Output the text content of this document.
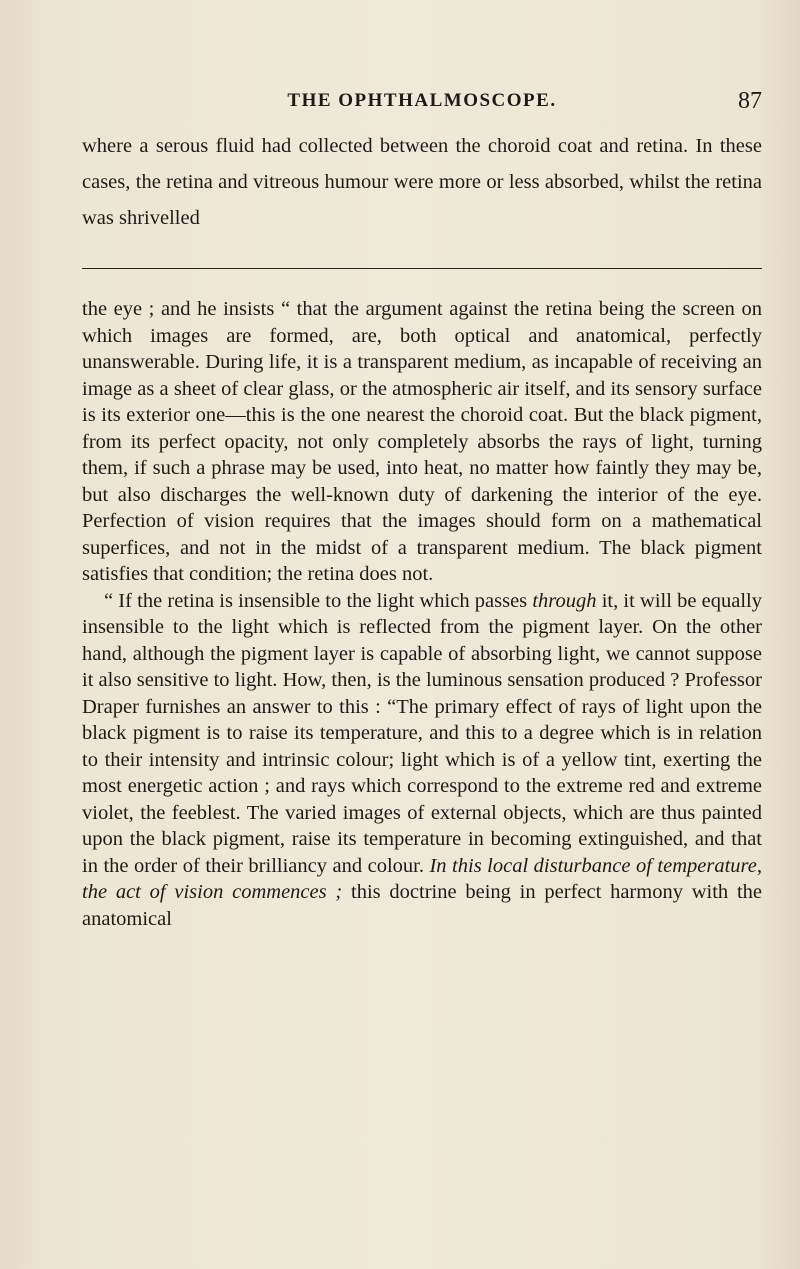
THE OPHTHALMOSCOPE.	87

where a serous fluid had collected between the choroid coat and retina. In these cases, the retina and vitreous humour were more or less absorbed, whilst the retina was shrivelled

the eye ; and he insists “ that the argument against the retina being the screen on which images are formed, are, both optical and anatomical, perfectly unanswerable. During life, it is a transparent medium, as incapable of receiving an image as a sheet of clear glass, or the atmospheric air itself, and its sensory surface is its exterior one—this is the one nearest the choroid coat. But the black pigment, from its perfect opacity, not only completely absorbs the rays of light, turning them, if such a phrase may be used, into heat, no matter how faintly they may be, but also discharges the well-known duty of darkening the interior of the eye. Perfection of vision requires that the images should form on a mathematical superfices, and not in the midst of a transparent medium. The black pigment satisfies that condition; the retina does not.

“ If the retina is insensible to the light which passes through it, it will be equally insensible to the light which is reflected from the pigment layer. On the other hand, although the pigment layer is capable of absorbing light, we cannot suppose it also sensitive to light. How, then, is the luminous sensation produced ? Professor Draper furnishes an answer to this : “The primary effect of rays of light upon the black pigment is to raise its temperature, and this to a degree which is in relation to their intensity and intrinsic colour; light which is of a yellow tint, exerting the most energetic action ; and rays which correspond to the extreme red and extreme violet, the feeblest. The varied images of external objects, which are thus painted upon the black pigment, raise its temperature in becoming extinguished, and that in the order of their brilliancy and colour. In this local disturbance of temperature, the act of vision commences ; this doctrine being in perfect harmony with the anatomical
